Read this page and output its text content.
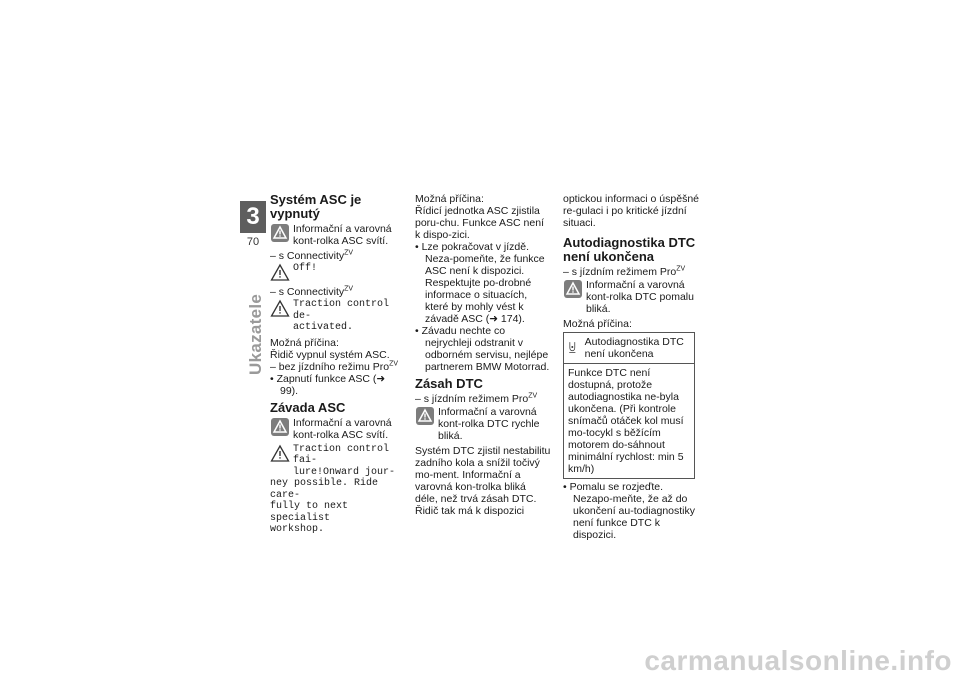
3
70
Ukazatele
Systém ASC je vypnutý
Informační a varovná kont-rolka ASC svítí.

– s Connectivity$^{ZV}$

Off!

– s Connectivity$^{ZV}$

Traction control de-
activated.

Možná příčina:

Řidič vypnul systém ASC.

– bez jízdního režimu Pro$^{ZV}$

• Zapnutí funkce ASC (➜ 99).

Závada ASC
Informační a varovná kont-rolka ASC svítí.
Traction control fai-
lure!Onward jour-
ney possible. Ride care-
fully to next specialist
workshop.

Možná příčina:

Řídicí jednotka ASC zjistila poru-chu. Funkce ASC není k dispo-zici.

• Lze pokračovat v jízdě. Neza-pomeňte, že funkce ASC není k dispozici. Respektujte po-drobné informace o situacích, které by mohly vést k závadě ASC (➜ 174).

• Závadu nechte co nejrychleji odstranit v odborném servisu, nejlépe partnerem BMW Motorrad.

Zásah DTC

– s jízdním režimem Pro$^{ZV}$

Informační a varovná kont-rolka DTC rychle bliká.

Systém DTC zjistil nestabilitu zadního kola a snížil točivý mo-ment. Informační a varovná kon-trolka bliká déle, než trvá zásah DTC. Řidič tak má k dispozici

optickou informaci o úspěšné re-gulaci i po kritické jízdní situaci.

Autodiagnostika DTC není ukončena

– s jízdním režimem Pro$^{ZV}$

Informační a varovná kont-rolka DTC pomalu bliká.

Možná příčina:

Autodiagnostika DTC není ukončena
Funkce DTC není dostupná, protože autodiagnostika ne-byla ukončena. (Při kontrole snímačů otáček kol musí mo-tocykl s běžícím motorem do-sáhnout minimální rychlost: min 5 km/h)

• Pomalu se rozjeďte. Nezapo-meňte, že až do ukončení au-todiagnostiky není funkce DTC k dispozici.

carmanualsonline.info
